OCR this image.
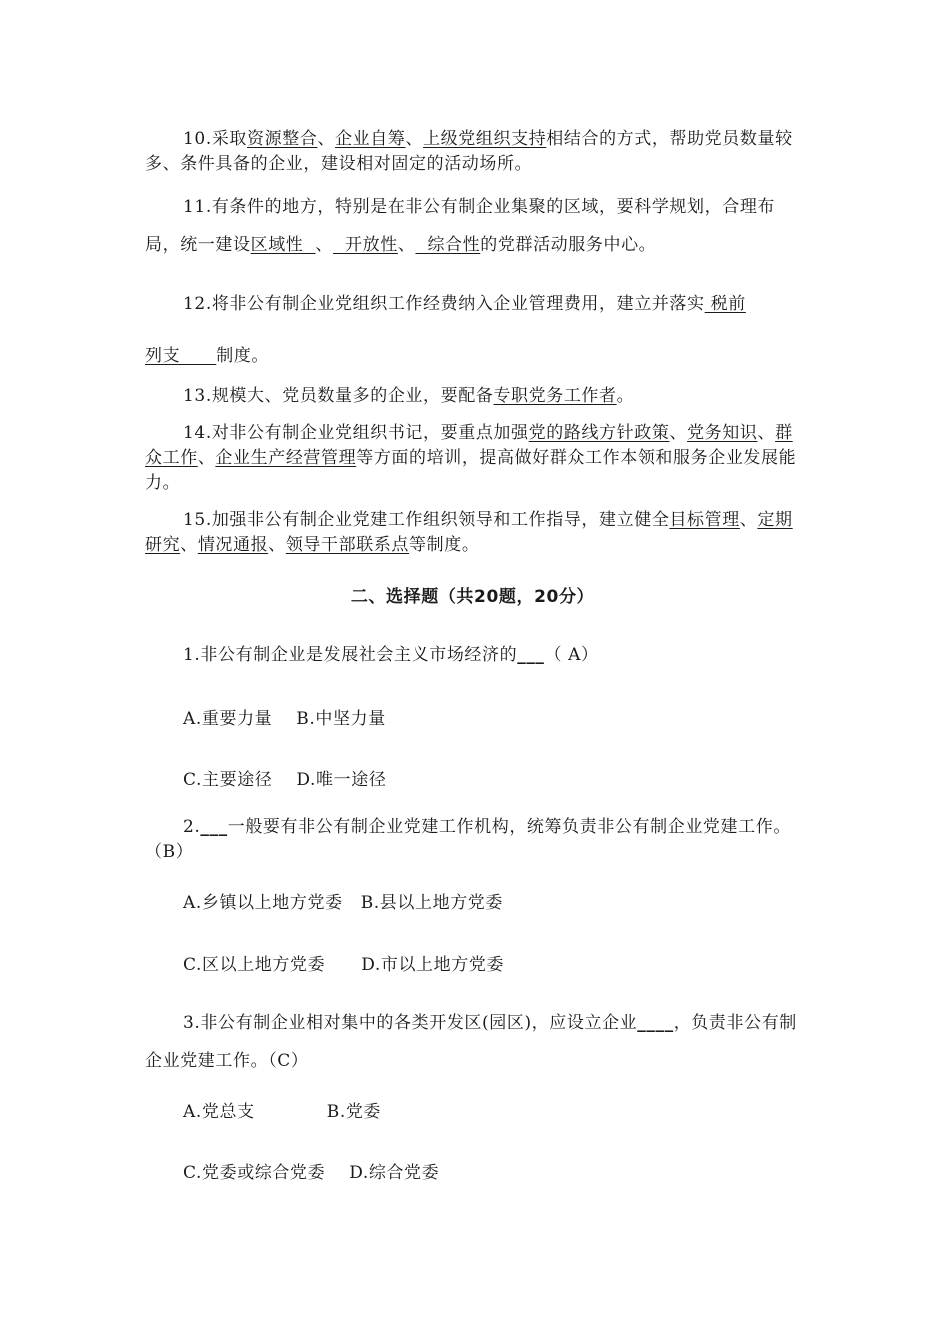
10.采取资源整合、企业自筹、上级党组织支持相结合的方式，帮助党员数量较多、条件具备的企业，建设相对固定的活动场所。

11.有条件的地方，特别是在非公有制企业集聚的区域，要科学规划，合理布局，统一建设区域性  、  开放性、  综合性的党群活动服务中心。

12.将非公有制企业党组织工作经费纳入企业管理费用，建立并落实 税前列支      制度。

13.规模大、党员数量多的企业，要配备专职党务工作者。

14.对非公有制企业党组织书记，要重点加强党的路线方针政策、党务知识、群众工作、企业生产经营管理等方面的培训，提高做好群众工作本领和服务企业发展能力。

15.加强非公有制企业党建工作组织领导和工作指导，建立健全目标管理、定期研究、情况通报、领导干部联系点等制度。

二、选择题（共20题，20分）

1.非公有制企业是发展社会主义市场经济的___（ A）

A.重要力量    B.中坚力量

C.主要途径    D.唯一途径

2.___一般要有非公有制企业党建工作机构，统筹负责非公有制企业党建工作。（B）

A.乡镇以上地方党委   B.县以上地方党委

C.区以上地方党委      D.市以上地方党委

3.非公有制企业相对集中的各类开发区(园区)，应设立企业____，负责非公有制企业党建工作。（C）

A.党总支            B.党委

C.党委或综合党委    D.综合党委
